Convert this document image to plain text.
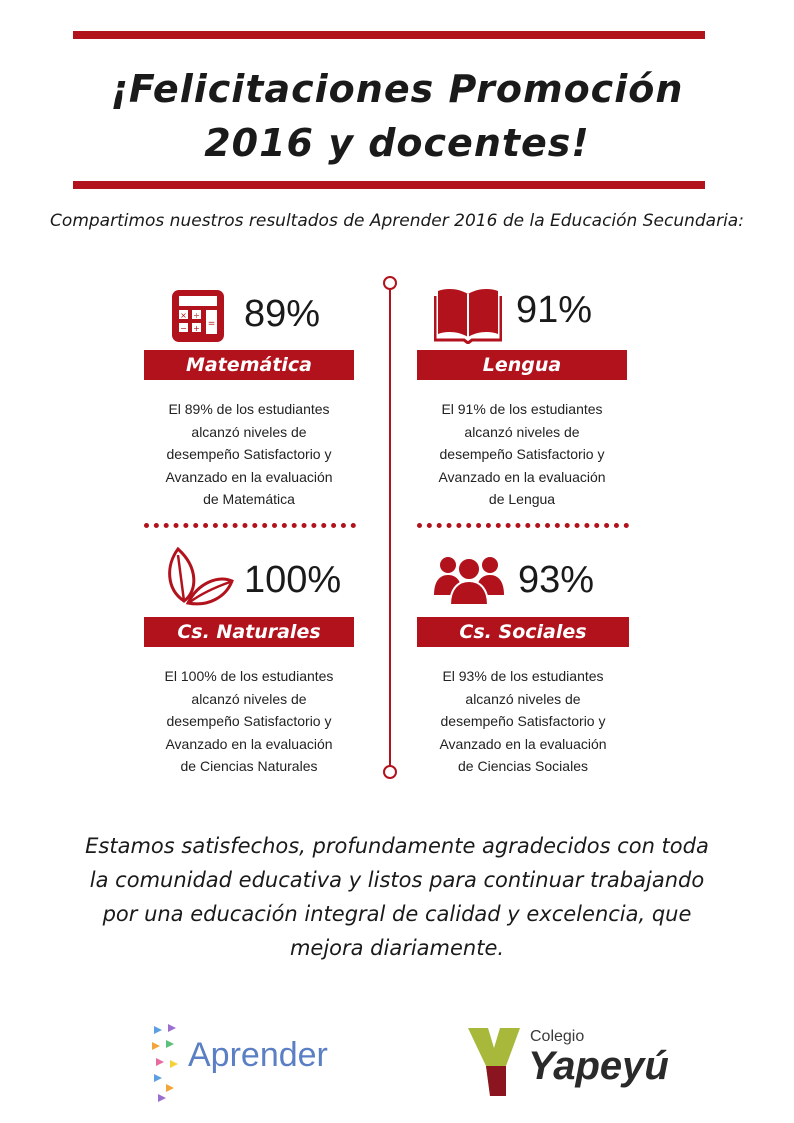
¡Felicitaciones Promoción
2016 y docentes!
Compartimos nuestros resultados de Aprender 2016 de la Educación Secundaria:
× ÷
− + = 89%
Matemática
El 89% de los estudiantes
alcanzó niveles de
desempeño Satisfactorio y
Avanzado en la evaluación
de Matemática
91%
Lengua
El 91% de los estudiantes
alcanzó niveles de
desempeño Satisfactorio y
Avanzado en la evaluación
de Lengua
100%
Cs. Naturales
El 100% de los estudiantes
alcanzó niveles de
desempeño Satisfactorio y
Avanzado en la evaluación
de Ciencias Naturales
93%
Cs. Sociales
El 93% de los estudiantes
alcanzó niveles de
desempeño Satisfactorio y
Avanzado en la evaluación
de Ciencias Sociales
Estamos satisfechos, profundamente agradecidos con toda
la comunidad educativa y listos para continuar trabajando
por una educación integral de calidad y excelencia, que
mejora diariamente.
Aprender	Colegio
Yapeyú
